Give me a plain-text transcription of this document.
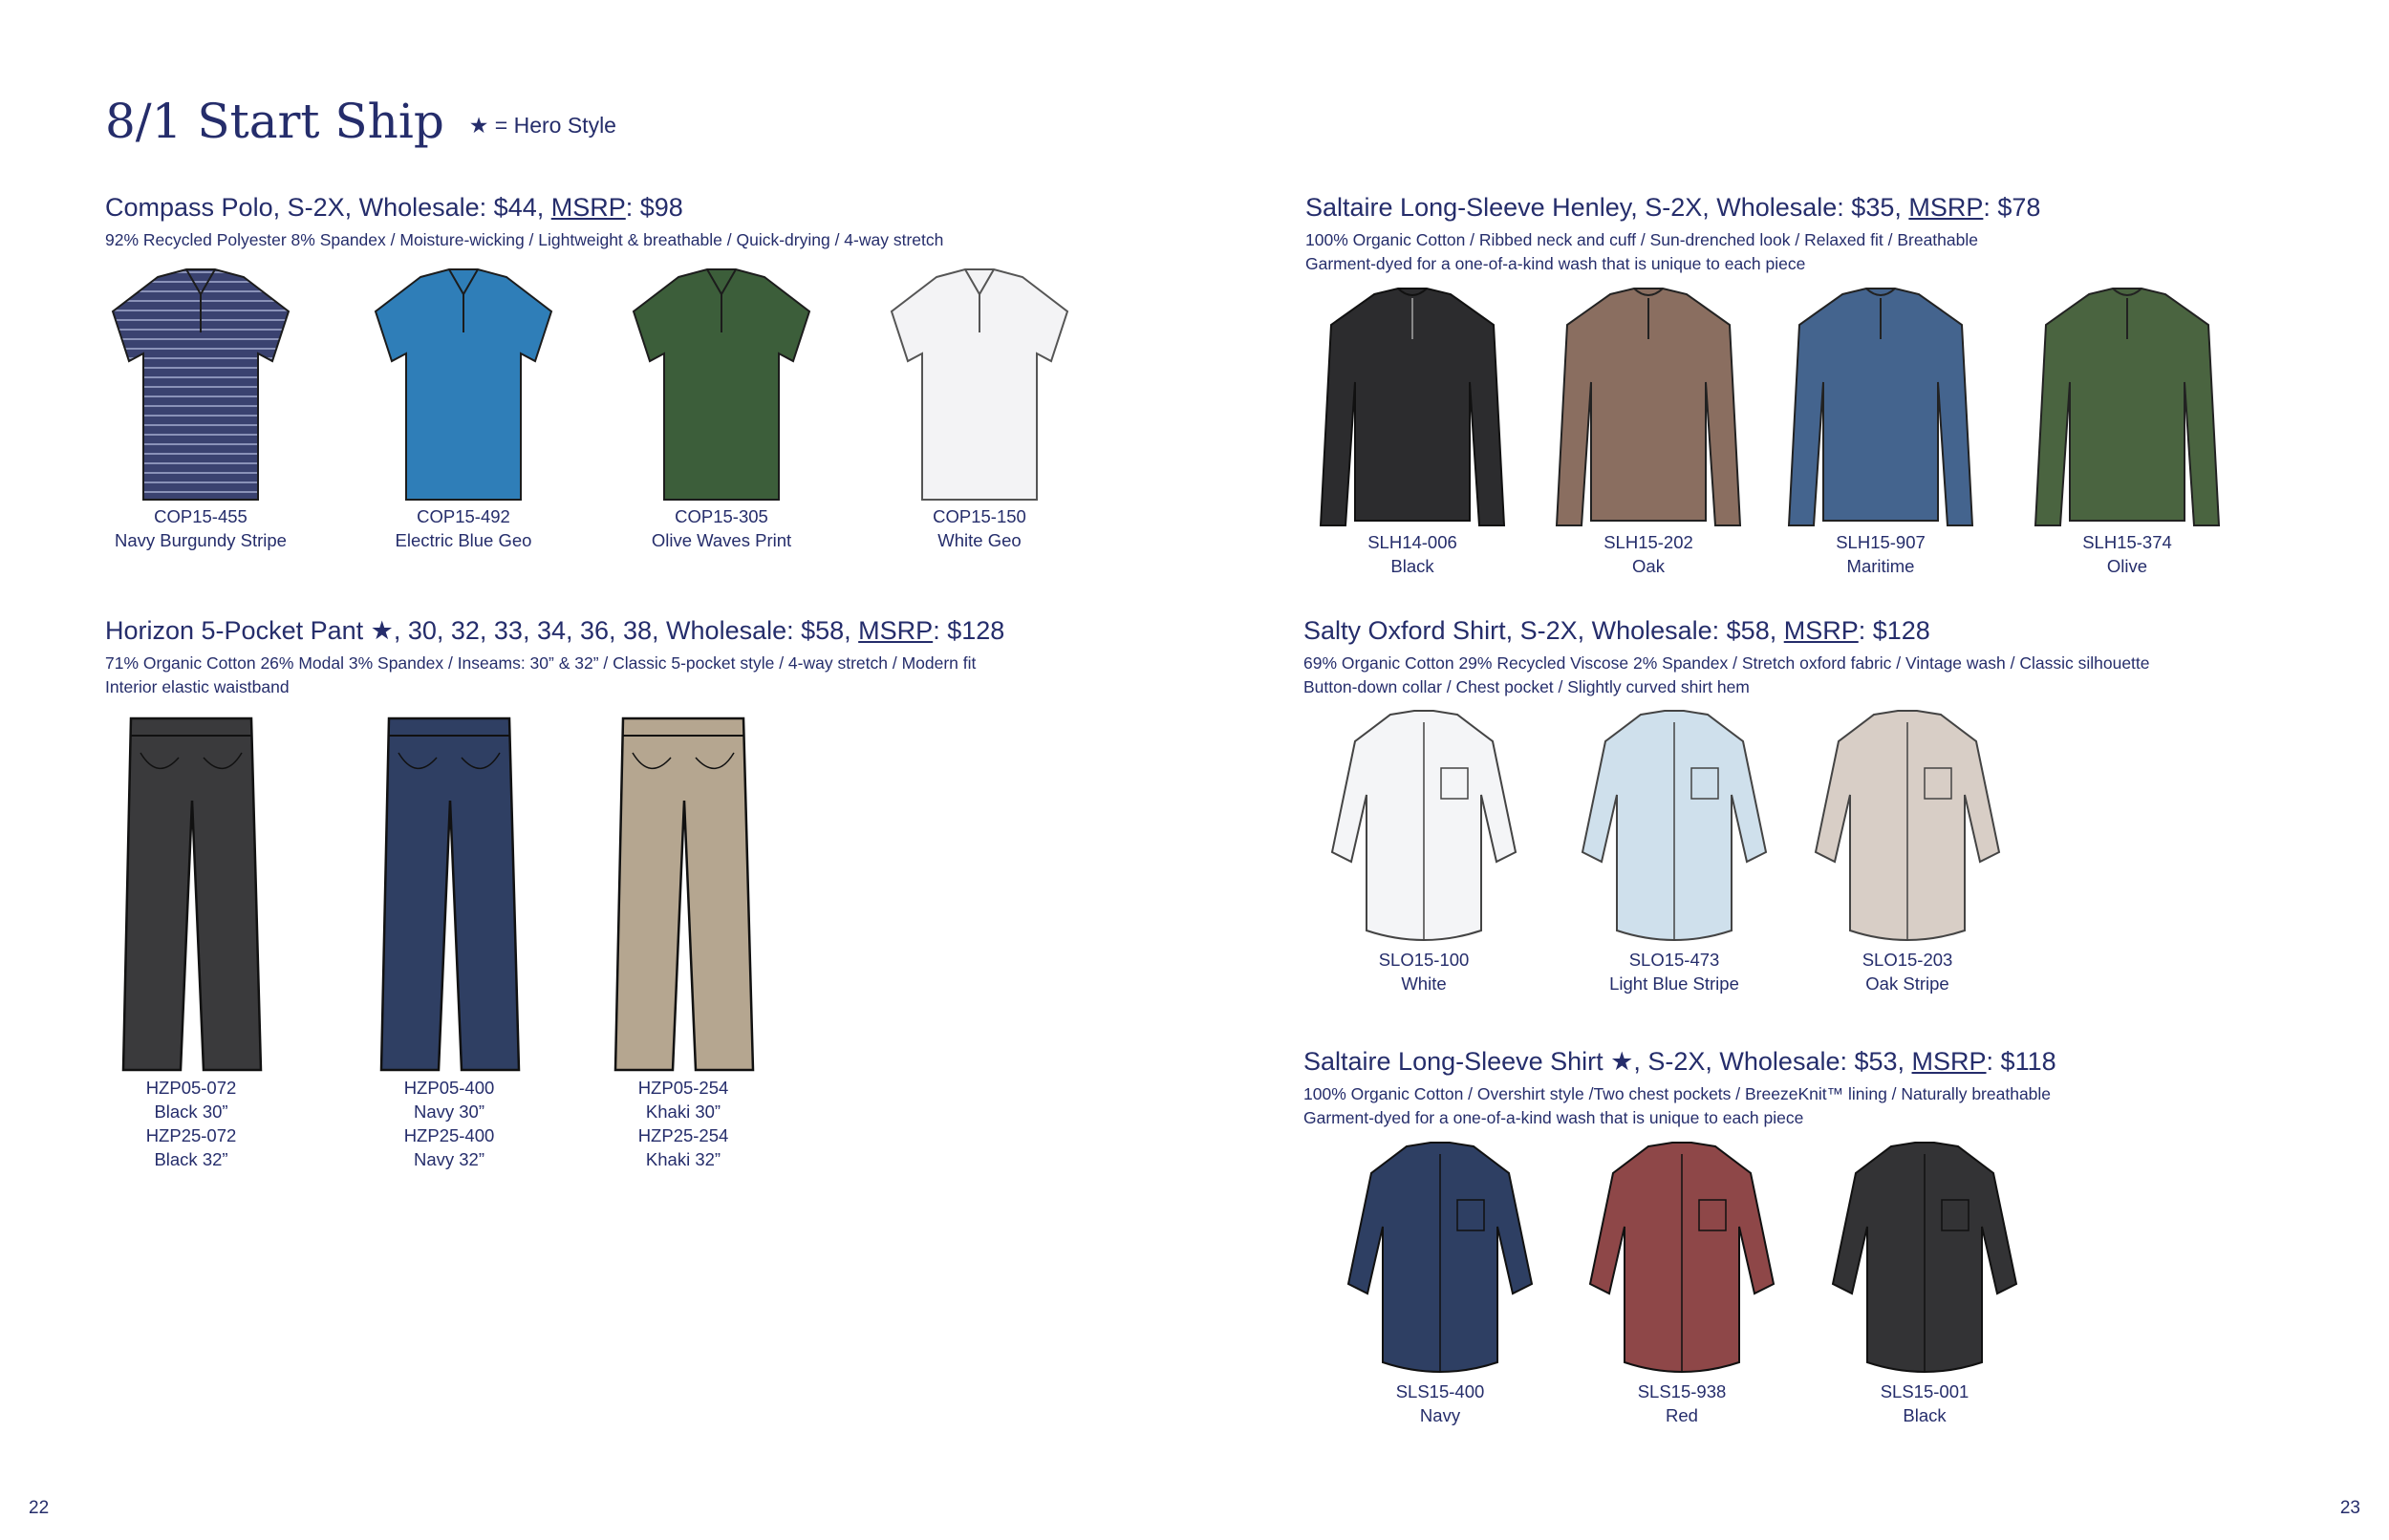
8/1 Start Ship ★ = Hero Style
Compass Polo, S-2X, Wholesale: $44, MSRP: $98
92% Recycled Polyester 8% Spandex / Moisture-wicking / Lightweight & breathable / Quick-drying / 4-way stretch
COP15-455
Navy Burgundy Stripe
COP15-492
Electric Blue Geo
COP15-305
Olive Waves Print
COP15-150
White Geo
Saltaire Long-Sleeve Henley, S-2X, Wholesale: $35, MSRP: $78
100% Organic Cotton / Ribbed neck and cuff / Sun-drenched look / Relaxed fit / Breathable
Garment-dyed for a one-of-a-kind wash that is unique to each piece
SLH14-006
Black
SLH15-202
Oak
SLH15-907
Maritime
SLH15-374
Olive
Horizon 5-Pocket Pant ★, 30, 32, 33, 34, 36, 38, Wholesale: $58, MSRP: $128
71% Organic Cotton 26% Modal 3% Spandex / Inseams: 30” & 32” / Classic 5-pocket style / 4-way stretch / Modern fit
Interior elastic waistband
HZP05-072
Black 30”
HZP25-072
Black 32”
HZP05-400
Navy 30”
HZP25-400
Navy 32”
HZP05-254
Khaki 30”
HZP25-254
Khaki 32”
Salty Oxford Shirt, S-2X, Wholesale: $58, MSRP: $128
69% Organic Cotton 29% Recycled Viscose 2% Spandex / Stretch oxford fabric / Vintage wash / Classic silhouette
Button-down collar / Chest pocket / Slightly curved shirt hem
SLO15-100
White
SLO15-473
Light Blue Stripe
SLO15-203
Oak Stripe
Saltaire Long-Sleeve Shirt ★, S-2X, Wholesale: $53, MSRP: $118
100% Organic Cotton / Overshirt style /Two chest pockets / BreezeKnit™ lining / Naturally breathable
Garment-dyed for a one-of-a-kind wash that is unique to each piece
SLS15-400
Navy
SLS15-938
Red
SLS15-001
Black
22	23
